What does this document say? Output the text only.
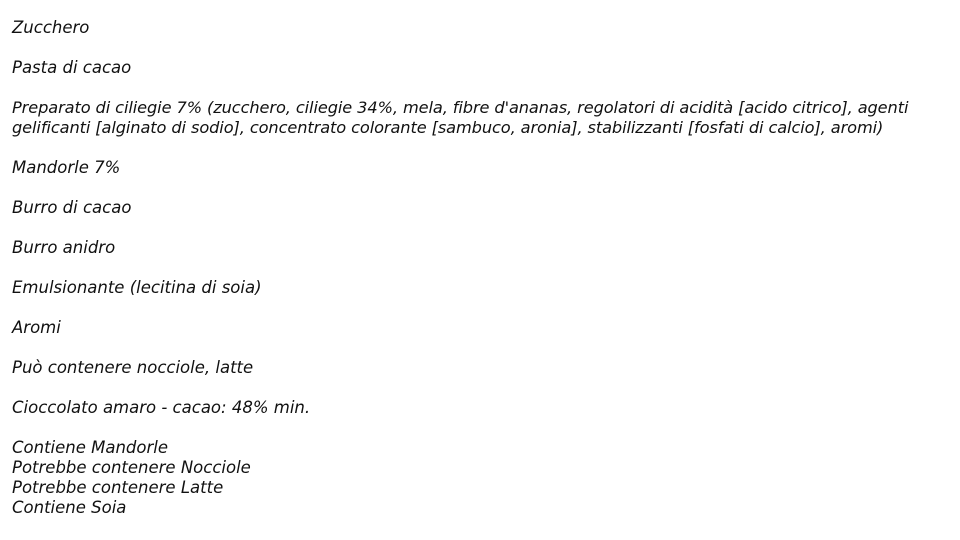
Zucchero

Pasta di cacao

Preparato di ciliegie 7% (zucchero, ciliegie 34%, mela, fibre d'ananas, regolatori di acidità [acido citrico], agenti gelificanti [alginato di sodio], concentrato colorante [sambuco, aronia], stabilizzanti [fosfati di calcio], aromi)

Mandorle 7%

Burro di cacao

Burro anidro

Emulsionante (lecitina di soia)

Aromi

Può contenere nocciole, latte

Cioccolato amaro - cacao: 48% min.

Contiene Mandorle
Potrebbe contenere Nocciole
Potrebbe contenere Latte
Contiene Soia
